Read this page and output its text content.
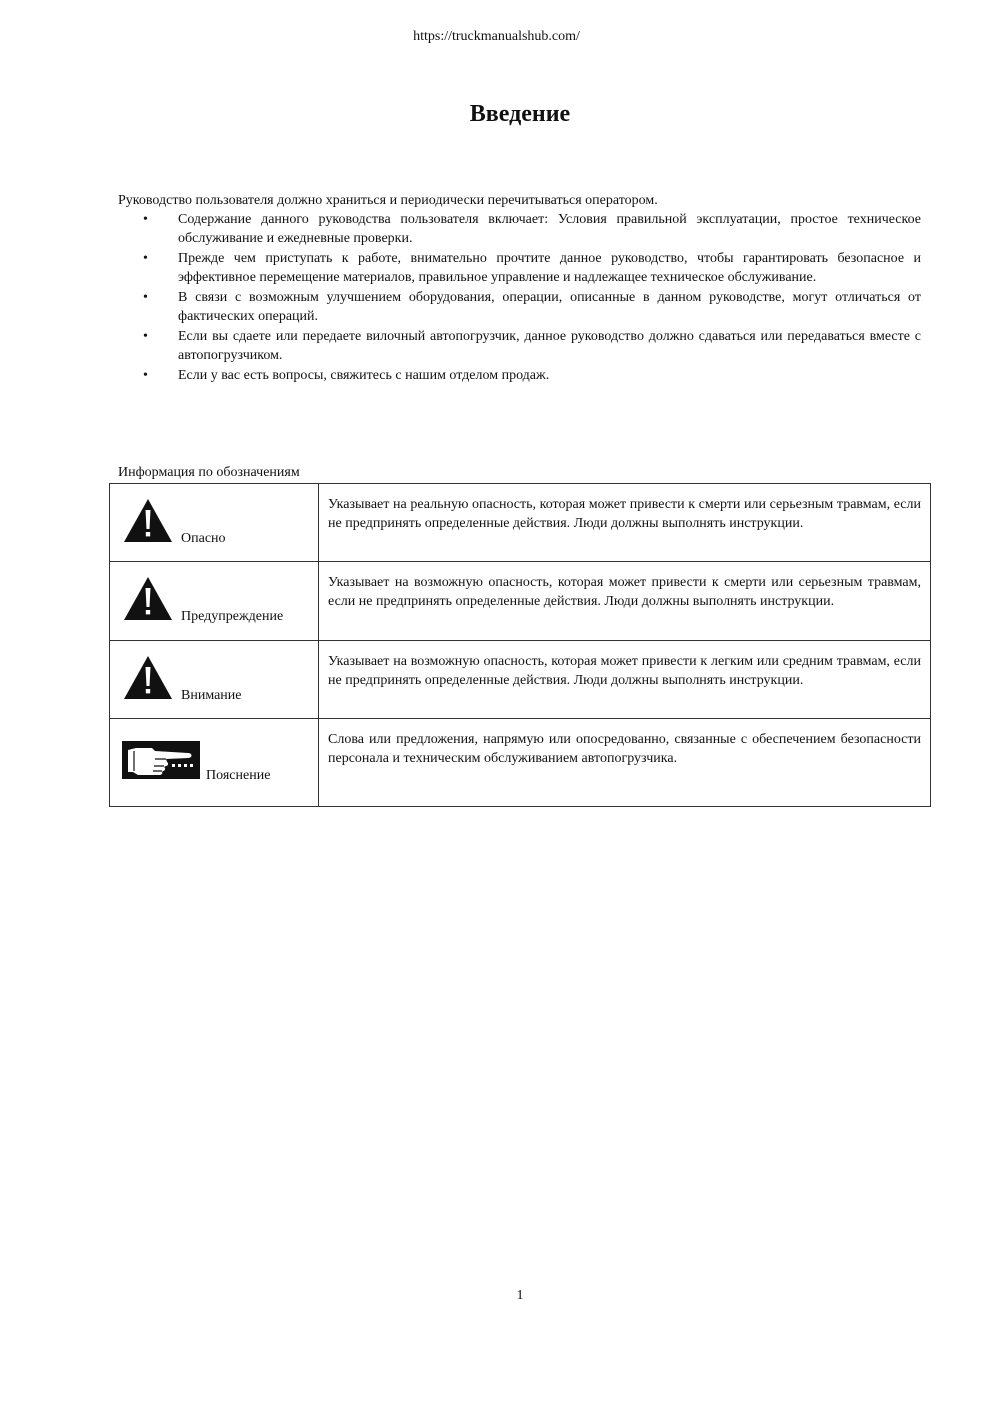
https://truckmanualshub.com/
Введение

Руководство пользователя должно храниться и периодически перечитываться оператором.

• Содержание данного руководства пользователя включает: Условия правильной эксплуатации, простое техническое обслуживание и ежедневные проверки.
• Прежде чем приступать к работе, внимательно прочтите данное руководство, чтобы гарантировать безопасное и эффективное перемещение материалов, правильное управление и надлежащее техническое обслуживание.
• В связи с возможным улучшением оборудования, операции, описанные в данном руководстве, могут отличаться от фактических операций.
• Если вы сдаете или передаете вилочный автопогрузчик, данное руководство должно сдаваться или передаваться вместе с автопогрузчиком.
• Если у вас есть вопросы, свяжитесь с нашим отделом продаж.
Информация по обозначениям
Опасно	Указывает на реальную опасность, которая может привести к смерти или серьезным травмам, если не предпринять определенные действия. Люди должны выполнять инструкции.

Предупреждение	Указывает на возможную опасность, которая может привести к смерти или серьезным травмам, если не предпринять определенные действия. Люди должны выполнять инструкции.

Внимание	Указывает на возможную опасность, которая может привести к легким или средним травмам, если не предпринять определенные действия. Люди должны выполнять инструкции.

Пояснение	Слова или предложения, напрямую или опосредованно, связанные с обеспечением безопасности персонала и техническим обслуживанием автопогрузчика.
1
